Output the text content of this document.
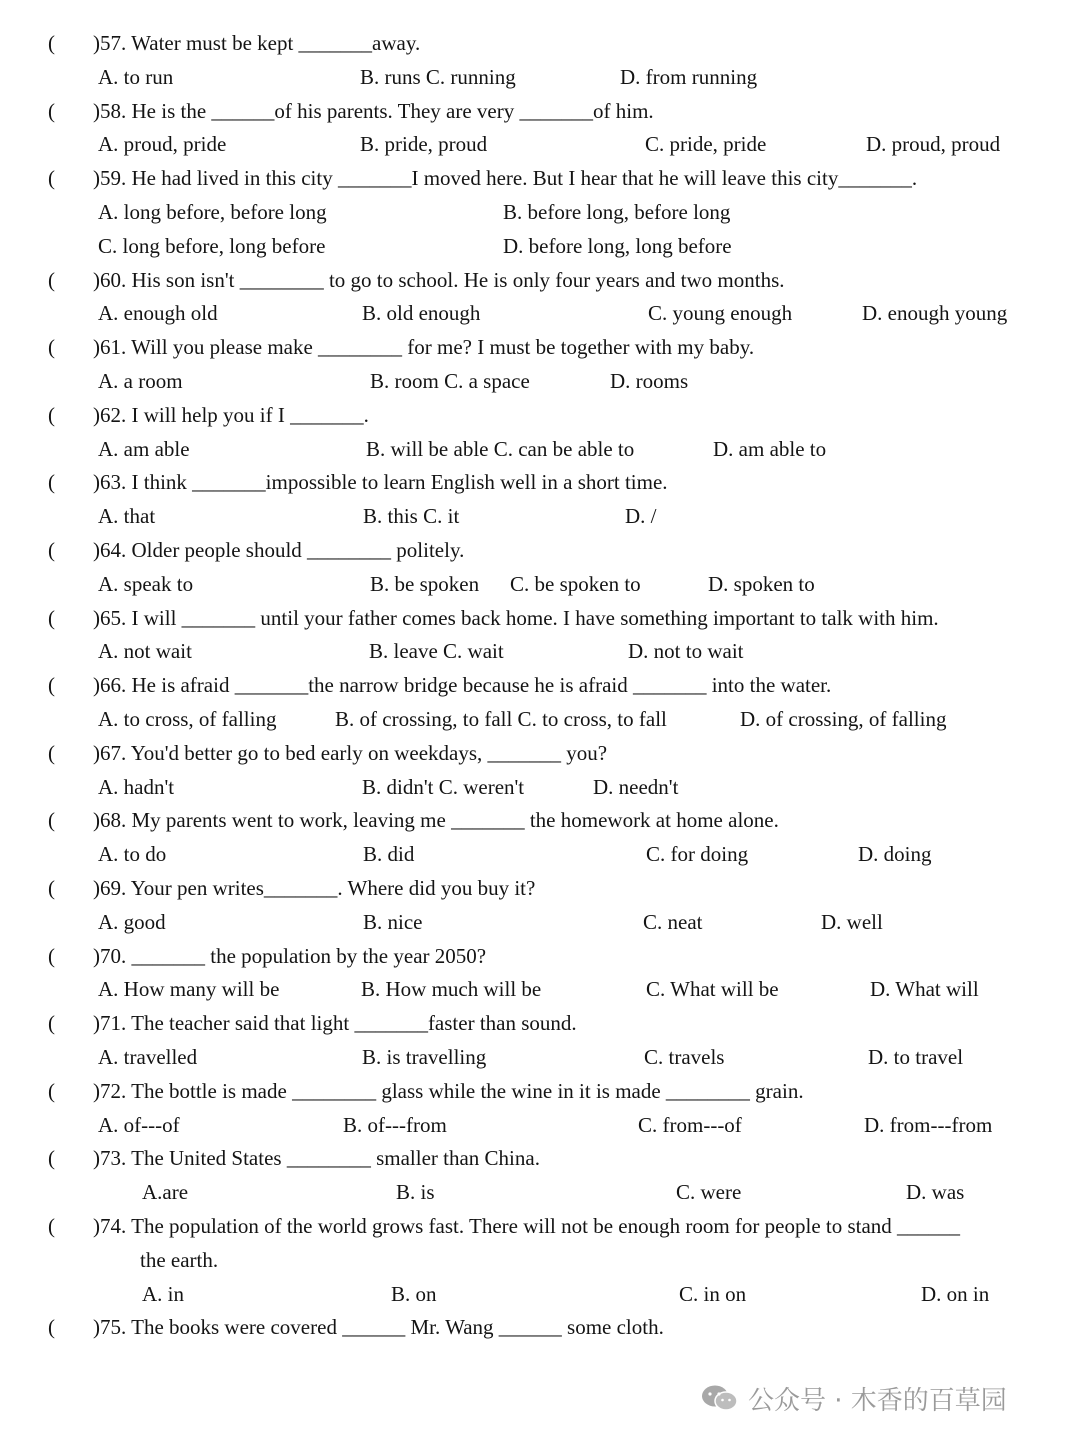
( )57. Water must be kept _______away.
A. to run	B. runs C. running	D. from running
( )58. He is the ______of his parents. They are very _______of him.
A. proud, pride	B. pride, proud	C. pride, pride	D. proud, proud
( )59. He had lived in this city _______I moved here. But I hear that he will leave this city_______.
A. long before, before long	B. before long, before long
C. long before, long before	D. before long, long before
( )60. His son isn't ________ to go to school. He is only four years and two months.
A. enough old	B. old enough	C. young enough	D. enough young
( )61. Will you please make ________ for me? I must be together with my baby.
A. a room	B. room C. a space	D. rooms
( )62. I will help you if I _______.
A. am able	B. will be able C. can be able to	D. am able to
( )63. I think _______impossible to learn English well in a short time.
A. that	B. this C. it	D. /
( )64. Older people should ________ politely.
A. speak to	B. be spoken C. be spoken to	D. spoken to
( )65. I will _______ until your father comes back home. I have something important to talk with him.
A. not wait	B. leave C. wait	D. not to wait
( )66. He is afraid _______the narrow bridge because he is afraid _______ into the water.
A. to cross, of falling	B. of crossing, to fall C. to cross, to fall	D. of crossing, of falling
( )67. You'd better go to bed early on weekdays, _______ you?
A. hadn't	B. didn't C. weren't	D. needn't
( )68. My parents went to work, leaving me _______ the homework at home alone.
A. to do	B. did	C. for doing	D. doing
( )69. Your pen writes_______. Where did you buy it?
A. good	B. nice	C. neat	D. well
( )70. _______ the population by the year 2050?
A. How many will be	B. How much will be	C. What will be	D. What will
( )71. The teacher said that light _______faster than sound.
A. travelled	B. is travelling	C. travels	D. to travel
( )72. The bottle is made ________ glass while the wine in it is made ________ grain.
A. of---of	B. of---from	C. from---of	D. from---from
( )73. The United States ________ smaller than China.
A.are	B. is	C. were	D. was
( )74. The population of the world grows fast. There will not be enough room for people to stand ______
the earth.
A. in	B. on	C. in on	D. on in
( )75. The books were covered ______ Mr. Wang ______ some cloth.
公众号 · 木香的百草园
